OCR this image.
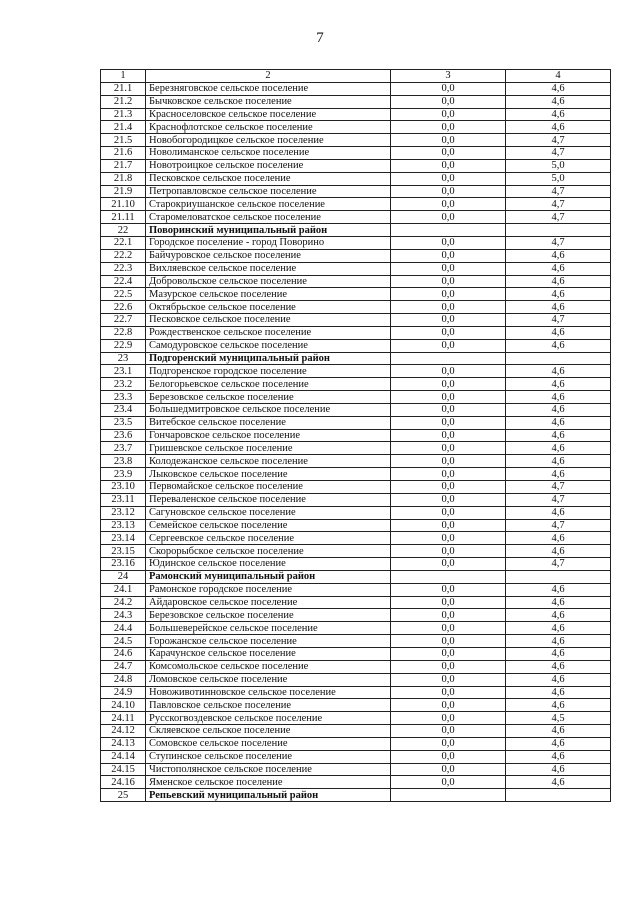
7
1	2	3	4
21.1	Березняговское сельское поселение	0,0	4,6
21.2	Бычковское сельское поселение	0,0	4,6
21.3	Красноселовское сельское поселение	0,0	4,6
21.4	Краснофлотское сельское поселение	0,0	4,6
21.5	Новобогородицкое сельское поселение	0,0	4,7
21.6	Новолиманское сельское поселение	0,0	4,7
21.7	Новотроицкое сельское поселение	0,0	5,0
21.8	Песковское сельское поселение	0,0	5,0
21.9	Петропавловское сельское поселение	0,0	4,7
21.10	Старокриушанское сельское поселение	0,0	4,7
21.11	Старомеловатское сельское поселение	0,0	4,7
22	Поворинский муниципальный район		
22.1	Городское поселение - город Поворино	0,0	4,7
22.2	Байчуровское сельское поселение	0,0	4,6
22.3	Вихляевское сельское поселение	0,0	4,6
22.4	Добровольское сельское поселение	0,0	4,6
22.5	Мазурское сельское поселение	0,0	4,6
22.6	Октябрьское сельское поселение	0,0	4,6
22.7	Песковское сельское поселение	0,0	4,7
22.8	Рождественское сельское поселение	0,0	4,6
22.9	Самодуровское сельское поселение	0,0	4,6
23	Подгоренский муниципальный район		
23.1	Подгоренское городское поселение	0,0	4,6
23.2	Белогорьевское сельское поселение	0,0	4,6
23.3	Березовское сельское поселение	0,0	4,6
23.4	Большедмитровское сельское поселение	0,0	4,6
23.5	Витебское сельское поселение	0,0	4,6
23.6	Гончаровское сельское поселение	0,0	4,6
23.7	Гришевское сельское поселение	0,0	4,6
23.8	Колодежанское сельское поселение	0,0	4,6
23.9	Лыковское сельское поселение	0,0	4,6
23.10	Первомайское сельское поселение	0,0	4,7
23.11	Переваленское сельское поселение	0,0	4,7
23.12	Сагуновское сельское поселение	0,0	4,6
23.13	Семейское сельское поселение	0,0	4,7
23.14	Сергеевское сельское поселение	0,0	4,6
23.15	Скорорыбское сельское поселение	0,0	4,6
23.16	Юдинское сельское поселение	0,0	4,7
24	Рамонский муниципальный район		
24.1	Рамонское городское поселение	0,0	4,6
24.2	Айдаровское сельское поселение	0,0	4,6
24.3	Березовское сельское поселение	0,0	4,6
24.4	Большеверейское сельское поселение	0,0	4,6
24.5	Горожанское сельское поселение	0,0	4,6
24.6	Карачунское сельское поселение	0,0	4,6
24.7	Комсомольское сельское поселение	0,0	4,6
24.8	Ломовское сельское поселение	0,0	4,6
24.9	Новоживотинновское сельское поселение	0,0	4,6
24.10	Павловское сельское поселение	0,0	4,6
24.11	Русскогвоздевское сельское поселение	0,0	4,5
24.12	Скляевское сельское поселение	0,0	4,6
24.13	Сомовское сельское поселение	0,0	4,6
24.14	Ступинское сельское поселение	0,0	4,6
24.15	Чистополянское сельское поселение	0,0	4,6
24.16	Яменское сельское поселение	0,0	4,6
25	Репьевский муниципальный район		
